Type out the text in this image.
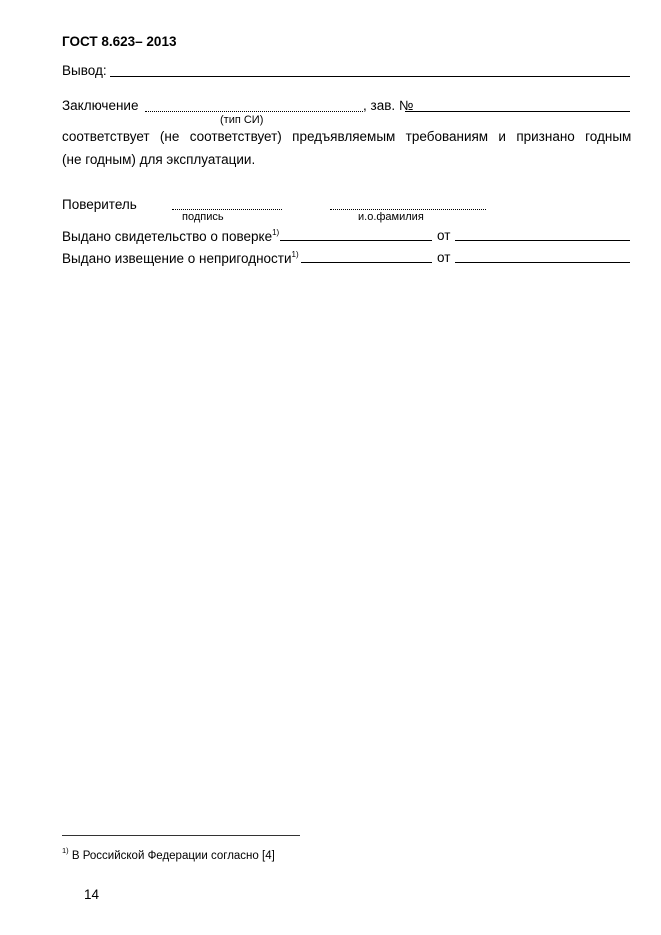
ГОСТ 8.623– 2013
Вывод:
Заключение	, зав. №
(тип СИ)
соответствует (не соответствует) предъявляемым требованиям и признано годным
(не годным) для эксплуатации.
Поверитель
подпись	и.о.фамилия
Выдано свидетельство о поверке$^{1)}$	от
Выдано извещение о непригодности$^{1)}$	от
$^{1)}$ В Российской Федерации согласно [4]
14
